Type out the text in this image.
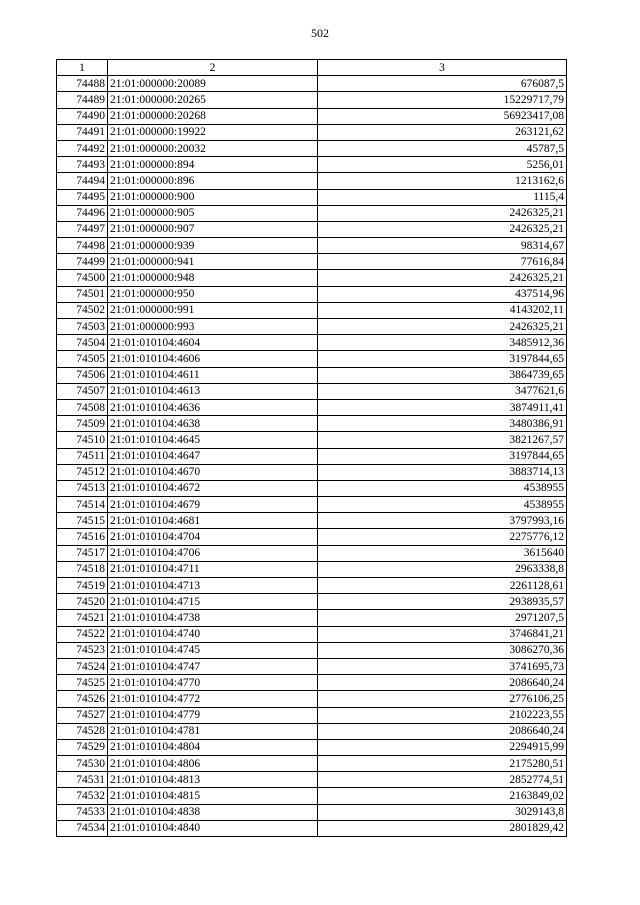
502
1	2	3
74488	21:01:000000:20089	676087,5
74489	21:01:000000:20265	15229717,79
74490	21:01:000000:20268	56923417,08
74491	21:01:000000:19922	263121,62
74492	21:01:000000:20032	45787,5
74493	21:01:000000:894	5256,01
74494	21:01:000000:896	1213162,6
74495	21:01:000000:900	1115,4
74496	21:01:000000:905	2426325,21
74497	21:01:000000:907	2426325,21
74498	21:01:000000:939	98314,67
74499	21:01:000000:941	77616,84
74500	21:01:000000:948	2426325,21
74501	21:01:000000:950	437514,96
74502	21:01:000000:991	4143202,11
74503	21:01:000000:993	2426325,21
74504	21:01:010104:4604	3485912,36
74505	21:01:010104:4606	3197844,65
74506	21:01:010104:4611	3864739,65
74507	21:01:010104:4613	3477621,6
74508	21:01:010104:4636	3874911,41
74509	21:01:010104:4638	3480386,91
74510	21:01:010104:4645	3821267,57
74511	21:01:010104:4647	3197844,65
74512	21:01:010104:4670	3883714,13
74513	21:01:010104:4672	4538955
74514	21:01:010104:4679	4538955
74515	21:01:010104:4681	3797993,16
74516	21:01:010104:4704	2275776,12
74517	21:01:010104:4706	3615640
74518	21:01:010104:4711	2963338,8
74519	21:01:010104:4713	2261128,61
74520	21:01:010104:4715	2938935,57
74521	21:01:010104:4738	2971207,5
74522	21:01:010104:4740	3746841,21
74523	21:01:010104:4745	3086270,36
74524	21:01:010104:4747	3741695,73
74525	21:01:010104:4770	2086640,24
74526	21:01:010104:4772	2776106,25
74527	21:01:010104:4779	2102223,55
74528	21:01:010104:4781	2086640,24
74529	21:01:010104:4804	2294915,99
74530	21:01:010104:4806	2175280,51
74531	21:01:010104:4813	2852774,51
74532	21:01:010104:4815	2163849,02
74533	21:01:010104:4838	3029143,8
74534	21:01:010104:4840	2801829,42
